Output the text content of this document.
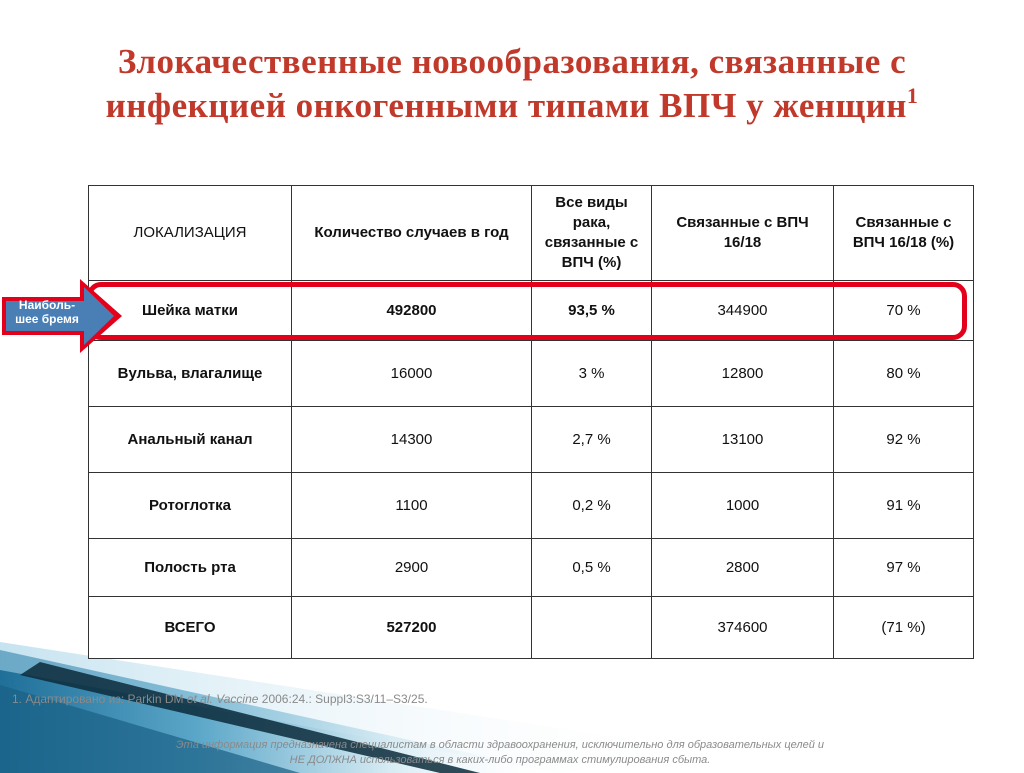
Злокачественные новообразования, связанные с
инфекцией онкогенными типами ВПЧ у женщин$^1$
ЛОКАЛИЗАЦИЯ	Количество случаев в год	Все виды рака, связанные с ВПЧ (%)	Связанные с ВПЧ 16/18	Связанные с ВПЧ 16/18 (%)
Шейка матки	492800	93,5 %	344900	70 %
Вульва, влагалище	16000	3 %	12800	80 %
Анальный канал	14300	2,7 %	13100	92 %
Ротоглотка	1100	0,2 %	1000	91 %
Полость рта	2900	0,5 %	2800	97 %
ВСЕГО	527200		374600	(71 %)
Наиболь-
шее бремя
1. Адаптировано из: Parkin DM et al. Vaccine 2006:24.: Suppl3:S3/11–S3/25.
Эта информация предназначена специалистам в области здравоохранения, исключительно для образовательных целей и
НЕ ДОЛЖНА использоваться в каких-либо программах стимулирования сбыта.
